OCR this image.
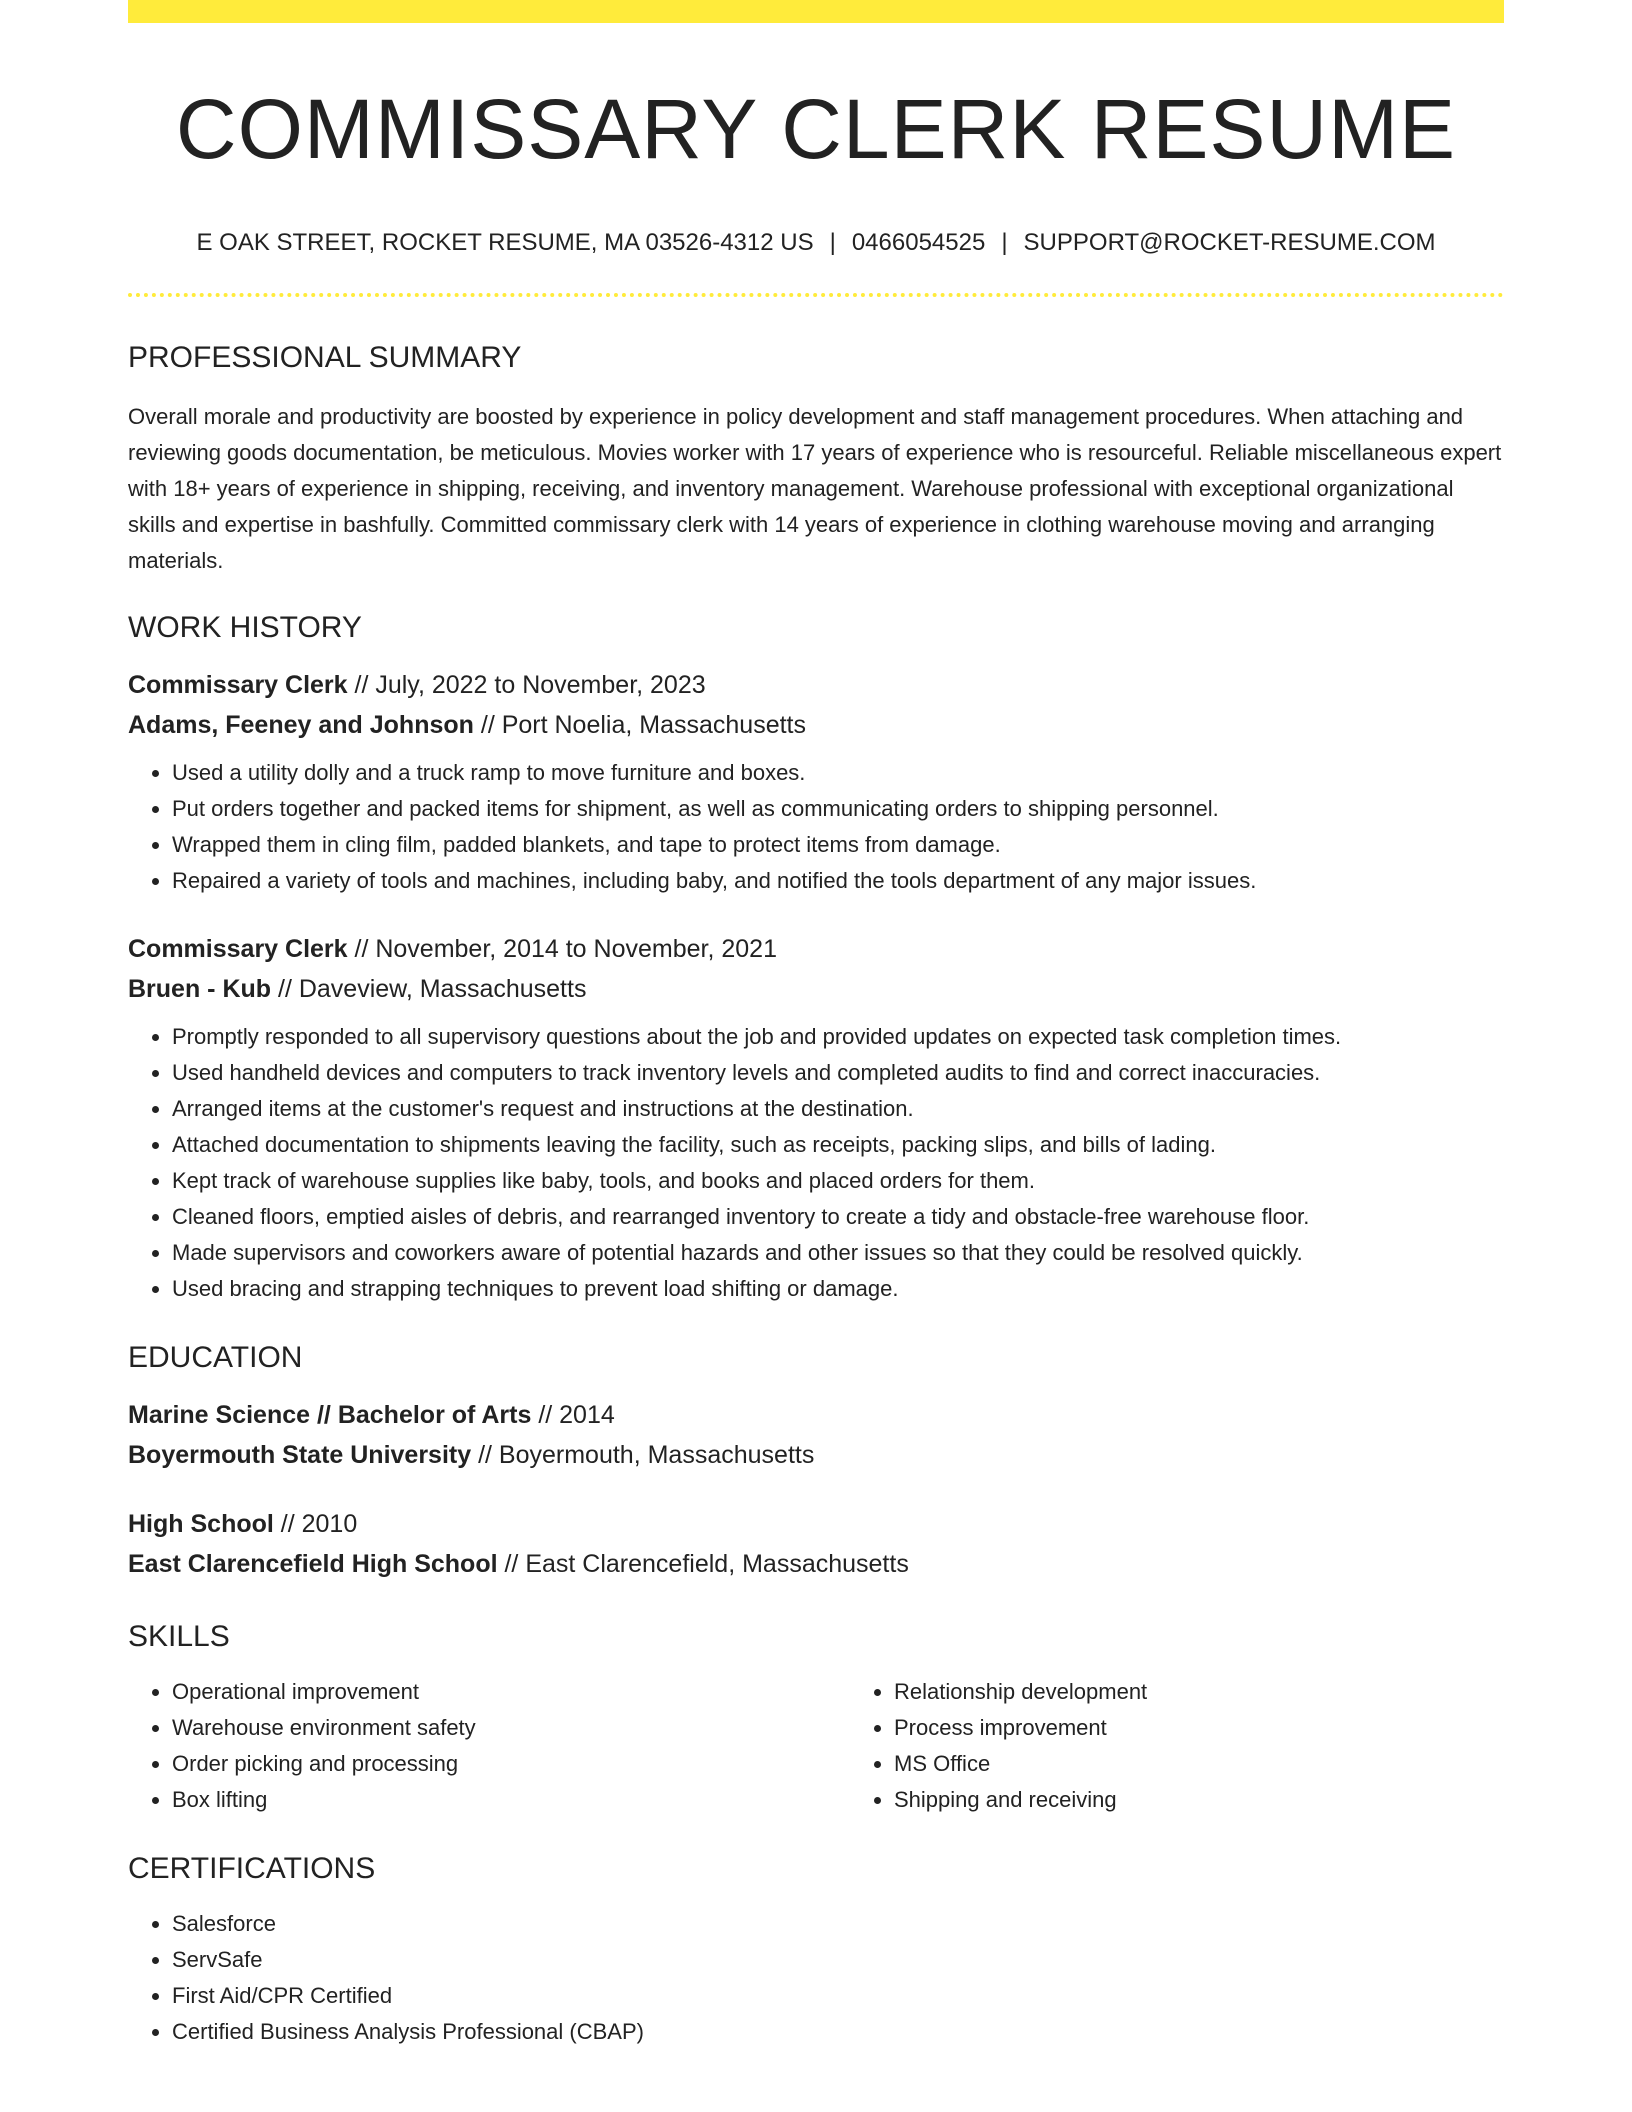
COMMISSARY CLERK RESUME
E OAK STREET, ROCKET RESUME, MA 03526-4312 US | 0466054525 | SUPPORT@ROCKET-RESUME.COM
PROFESSIONAL SUMMARY

Overall morale and productivity are boosted by experience in policy development and staff management procedures. When attaching and reviewing goods documentation, be meticulous. Movies worker with 17 years of experience who is resourceful. Reliable miscellaneous expert with 18+ years of experience in shipping, receiving, and inventory management. Warehouse professional with exceptional organizational skills and expertise in bashfully. Committed commissary clerk with 14 years of experience in clothing warehouse moving and arranging materials.

WORK HISTORY

Commissary Clerk // July, 2022 to November, 2023

Adams, Feeney and Johnson // Port Noelia, Massachusetts

• Used a utility dolly and a truck ramp to move furniture and boxes.
• Put orders together and packed items for shipment, as well as communicating orders to shipping personnel.
• Wrapped them in cling film, padded blankets, and tape to protect items from damage.
• Repaired a variety of tools and machines, including baby, and notified the tools department of any major issues.

Commissary Clerk // November, 2014 to November, 2021

Bruen - Kub // Daveview, Massachusetts

• Promptly responded to all supervisory questions about the job and provided updates on expected task completion times.
• Used handheld devices and computers to track inventory levels and completed audits to find and correct inaccuracies.
• Arranged items at the customer's request and instructions at the destination.
• Attached documentation to shipments leaving the facility, such as receipts, packing slips, and bills of lading.
• Kept track of warehouse supplies like baby, tools, and books and placed orders for them.
• Cleaned floors, emptied aisles of debris, and rearranged inventory to create a tidy and obstacle-free warehouse floor.
• Made supervisors and coworkers aware of potential hazards and other issues so that they could be resolved quickly.
• Used bracing and strapping techniques to prevent load shifting or damage.
EDUCATION

Marine Science // Bachelor of Arts // 2014

Boyermouth State University // Boyermouth, Massachusetts

High School // 2010

East Clarencefield High School // East Clarencefield, Massachusetts

SKILLS
• Operational improvement
• Warehouse environment safety
• Order picking and processing
• Box lifting
• Relationship development
• Process improvement
• MS Office
• Shipping and receiving
CERTIFICATIONS
• Salesforce
• ServSafe
• First Aid/CPR Certified
• Certified Business Analysis Professional (CBAP)
